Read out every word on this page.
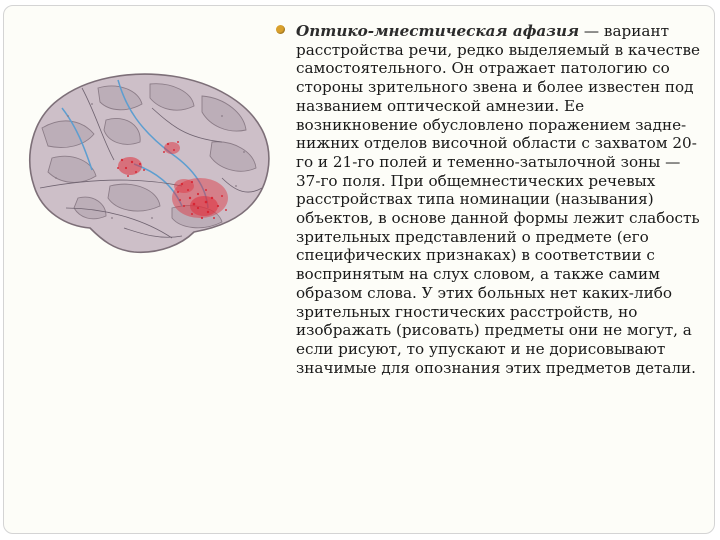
Оптико-мнестическая афазия — вариант расстройства речи, редко выделяемый в качестве самостоятельного. Он отражает патологию со стороны зрительного звена и более известен под названием оптической амнезии. Ее возникновение обусловлено поражением задне-нижних отделов височной области с захватом 20-го и 21-го полей и теменно-затылочной зоны — 37-го поля. При общемнестических речевых расстройствах типа номинации (называния) объектов, в основе данной формы лежит слабость зрительных представлений о предмете (его специфических признаках) в соответствии с воспринятым на слух словом, а также самим образом слова. У этих больных нет каких-либо зрительных гностических расстройств, но изображать (рисовать) предметы они не могут, а если рисуют, то упускают и не дорисовывают значимые для опознания этих предметов детали.
